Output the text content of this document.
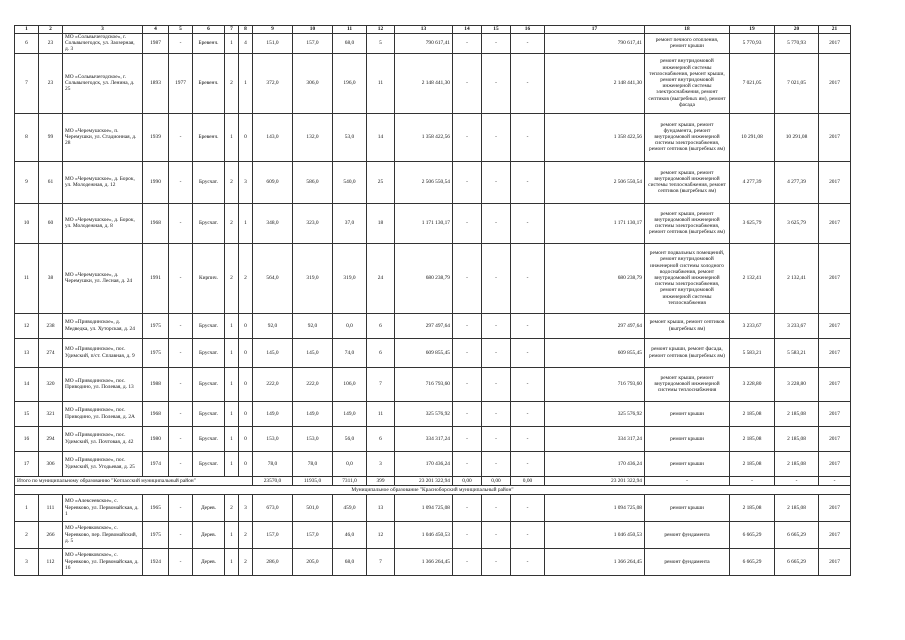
1	2	3	4	5	6	7	8	9	10	11	12	13	14	15	16	17	18	19	20	21
6	23	МО «Сольвычегодское», г. Сольвычегодск, ул. Заозерная, д. 3	1987	-	Бревенч.	1	4	151,0	157,0	68,0	5	790 617,41	-	-	-	790 617,41	ремонт печного отопления, ремонт крыши	5 770,93	5 770,93	2017
7	23	МО «Сольвычегодское», г. Сольвычегодск, ул. Ленина, д. 25	1893	1977	Бревенч.	2	1	372,0	306,0	196,0	11	2 148 441,30	-	-	-	2 148 441,30	ремонт внутридомовой инженерной системы теплоснабжения, ремонт крыши, ремонт внутридомовой инженерной системы электроснабжения, ремонт септиков (выгребных ям), ремонт фасада	7 021,05	7 021,05	2017
8	99	МО «Черемушское», п. Черемушки, ул. Стадионная, д. 28	1939	-	Бревенч.	1	0	143,0	132,0	53,0	14	1 358 422,56	-	-	-	1 358 422,56	ремонт крыши, ремонт фундамента, ремонт внутридомовой инженерной системы электроснабжения, ремонт септиков (выгребных ям)	10 291,08	10 291,08	2017
9	61	МО «Черемушское», д. Борок, ул. Молодежная, д. 12	1990	-	Брусчат.	2	3	609,0	586,0	540,0	25	2 506 550,54	-	-	-	2 506 550,54	ремонт крыши, ремонт внутридомовой инженерной системы теплоснабжения, ремонт септиков (выгребных ям)	4 277,39	4 277,39	2017
10	60	МО «Черемушское», д. Борок, ул. Молодежная, д. 8	1968	-	Брусчат.	2	1	348,0	323,0	37,0	18	1 171 130,17	-	-	-	1 171 130,17	ремонт крыши, ремонт внутридомовой инженерной системы электроснабжения, ремонт септиков (выгребных ям)	3 625,79	3 625,79	2017
11	38	МО «Черемушское», д. Черемушки, ул. Лесная, д. 24	1991	-	Кирпич.	2	2	564,0	319,0	319,0	24	680 238,79	-	-	-	680 238,79	ремонт подвальных помещений, ремонт внутридомовой инженерной системы холодного водоснабжения, ремонт внутридомовой инженерной системы электроснабжения, ремонт внутридомовой инженерной системы теплоснабжения	2 132,41	2 132,41	2017
12	238	МО «Приводинское», д. Медведка, ул. Хуторская, д. 24	1975	-	Брусчат.	1	0	92,0	92,0	0,0	6	297 497,64	-	-	-	297 497,64	ремонт крыши, ремонт септиков (выгребных ям)	3 233,67	3 233,67	2017
13	274	МО «Приводинское», пос. Удимский, п/ст. Сплавная, д. 9	1975	-	Брусчат.	1	0	145,0	145,0	74,0	6	609 855,45	-	-	-	609 855,45	ремонт крыши, ремонт фасада, ремонт септиков (выгребных ям)	5 583,21	5 583,21	2017
14	320	МО «Приводинское», пос. Приводино, ул. Полевая, д. 13	1988	-	Брусчат.	1	0	222,0	222,0	106,0	7	716 793,60	-	-	-	716 793,60	ремонт крыши, ремонт внутридомовой инженерной системы теплоснабжения	3 228,80	3 228,80	2017
15	321	МО «Приводинское», пос. Приводино, ул. Полевая, д. 2А	1968	-	Брусчат.	1	0	149,0	149,0	149,0	11	325 576,92	-	-	-	325 576,92	ремонт крыши	2 185,08	2 185,08	2017
16	294	МО «Приводинское», пос. Удимский, ул. Почтовая, д. 42	1980	-	Брусчат.	1	0	153,0	153,0	56,0	6	334 317,24	-	-	-	334 317,24	ремонт крыши	2 185,08	2 185,08	2017
17	306	МО «Приводинское», пос. Удимский, ул. Угодьевая, д. 25	1974	-	Брусчат.	1	0	78,0	78,0	0,0	3	170 436,24	-	-	-	170 436,24	ремонт крыши	2 185,08	2 185,08	2017
Итого по муниципальному образованию "Котласский муниципальный район"								23570,0	11935,0	7311,0	399	23 201 322,94	0,00	0,00	0,00	23 201 322,94	-	-	-	-
Муниципальное образование "Красноборский муниципальный район"																				
1	111	МО «Алексеевское», с. Черевково, ул. Первомайская, д. 1	1965	-	Дерев.	2	3	673,0	501,0	459,0	13	1 094 725,08	-	-	-	1 094 725,08	ремонт крыши	2 185,08	2 185,08	2017
2	266	МО «Черевковское», с. Черевково, пер. Первомайский, д. 5	1975	-	Дерев.	1	2	157,0	157,0	46,0	12	1 046 450,53	-	-	-	1 046 450,53	ремонт фундамента	6 665,29	6 665,29	2017
3	112	МО «Черевковское», с. Черевково, ул. Первомайская, д. 16	1924	-	Дерев.	1	2	286,0	205,0	68,0	7	1 366 264,45	-	-	-	1 366 264,45	ремонт фундамента	6 665,29	6 665,29	2017
